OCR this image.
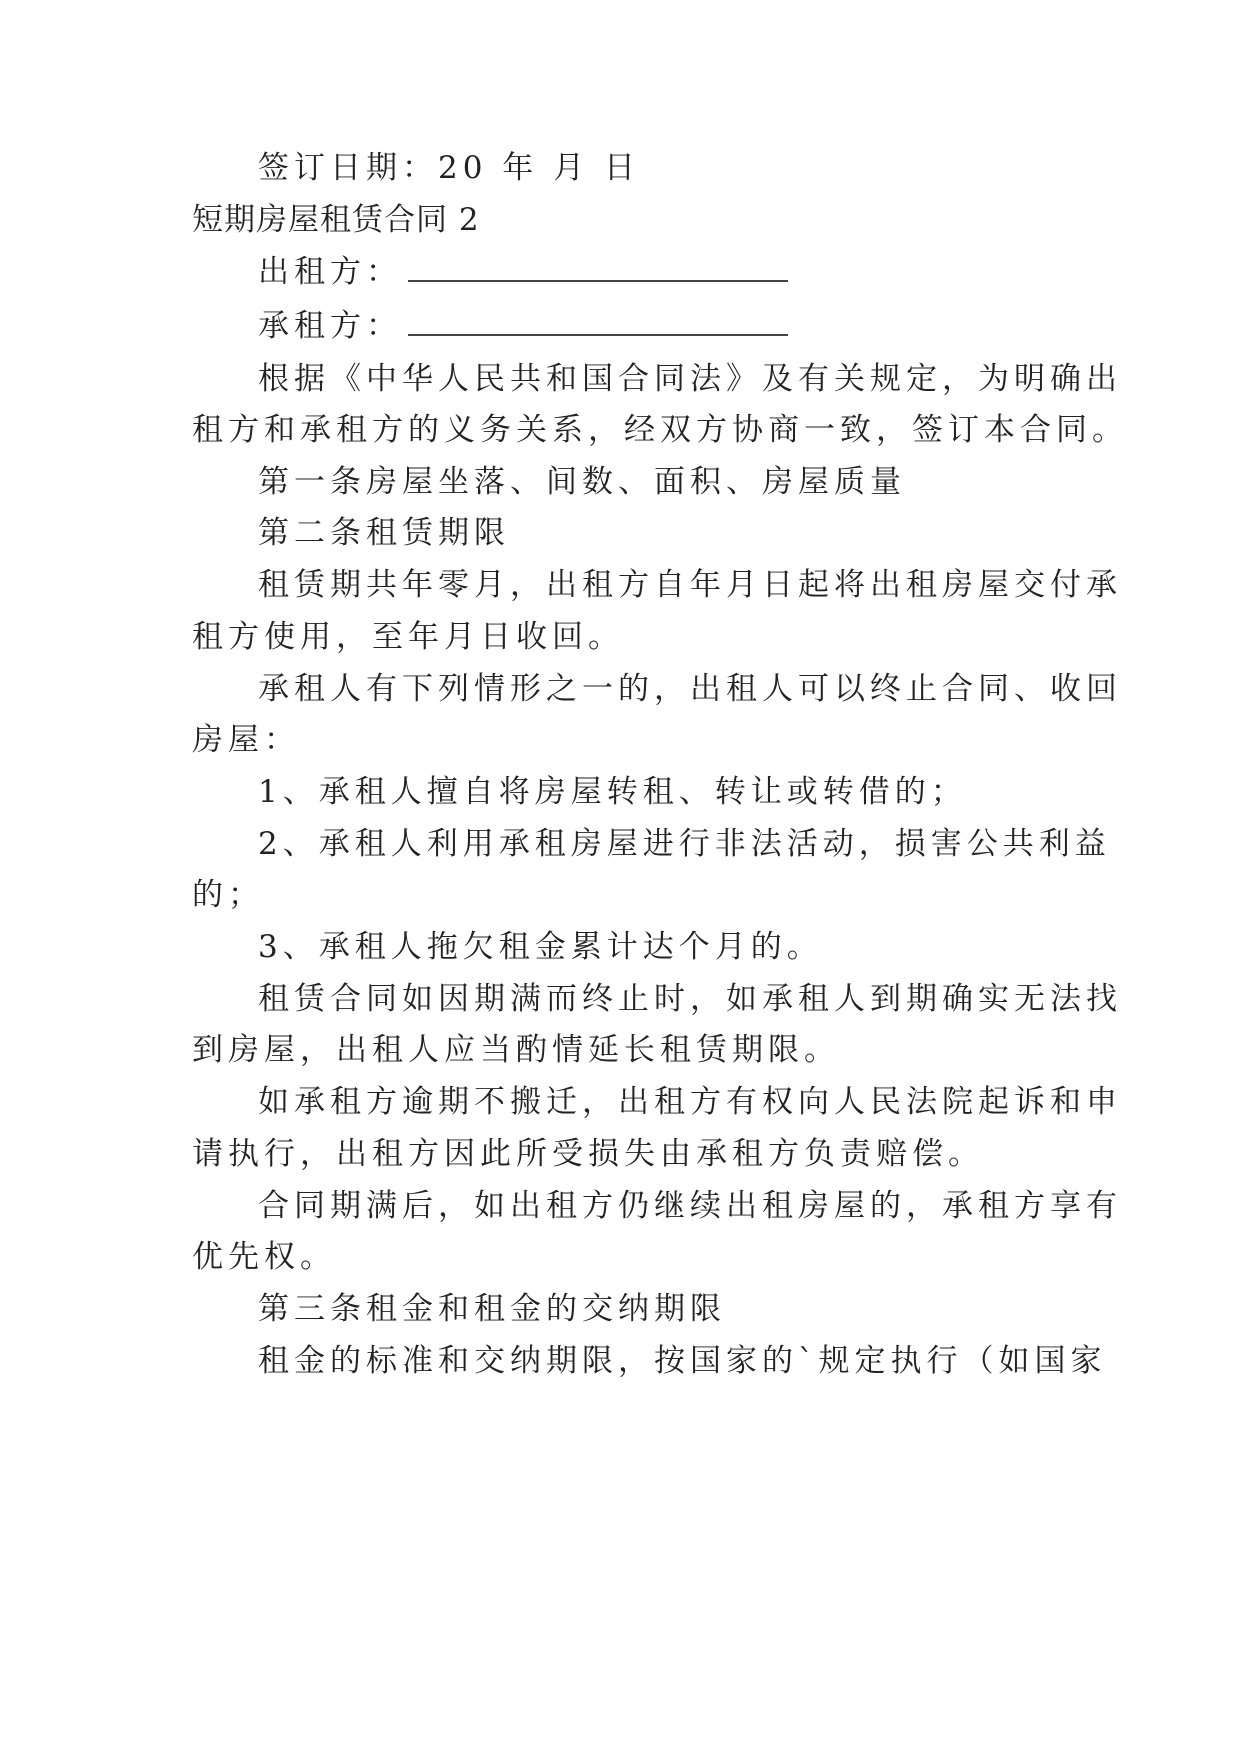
签订日期：20 年 月 日
短期房屋租赁合同 2
出租方：
承租方：
根据《中华人民共和国合同法》及有关规定，为明确出
租方和承租方的义务关系，经双方协商一致，签订本合同。
第一条房屋坐落、间数、面积、房屋质量
第二条租赁期限
租赁期共年零月，出租方自年月日起将出租房屋交付承
租方使用，至年月日收回。
承租人有下列情形之一的，出租人可以终止合同、收回
房屋：
1、承租人擅自将房屋转租、转让或转借的；
2、承租人利用承租房屋进行非法活动，损害公共利益
的；
3、承租人拖欠租金累计达个月的。
租赁合同如因期满而终止时，如承租人到期确实无法找
到房屋，出租人应当酌情延长租赁期限。
如承租方逾期不搬迁，出租方有权向人民法院起诉和申
请执行，出租方因此所受损失由承租方负责赔偿。
合同期满后，如出租方仍继续出租房屋的，承租方享有
优先权。
第三条租金和租金的交纳期限
租金的标准和交纳期限，按国家的`规定执行（如国家
